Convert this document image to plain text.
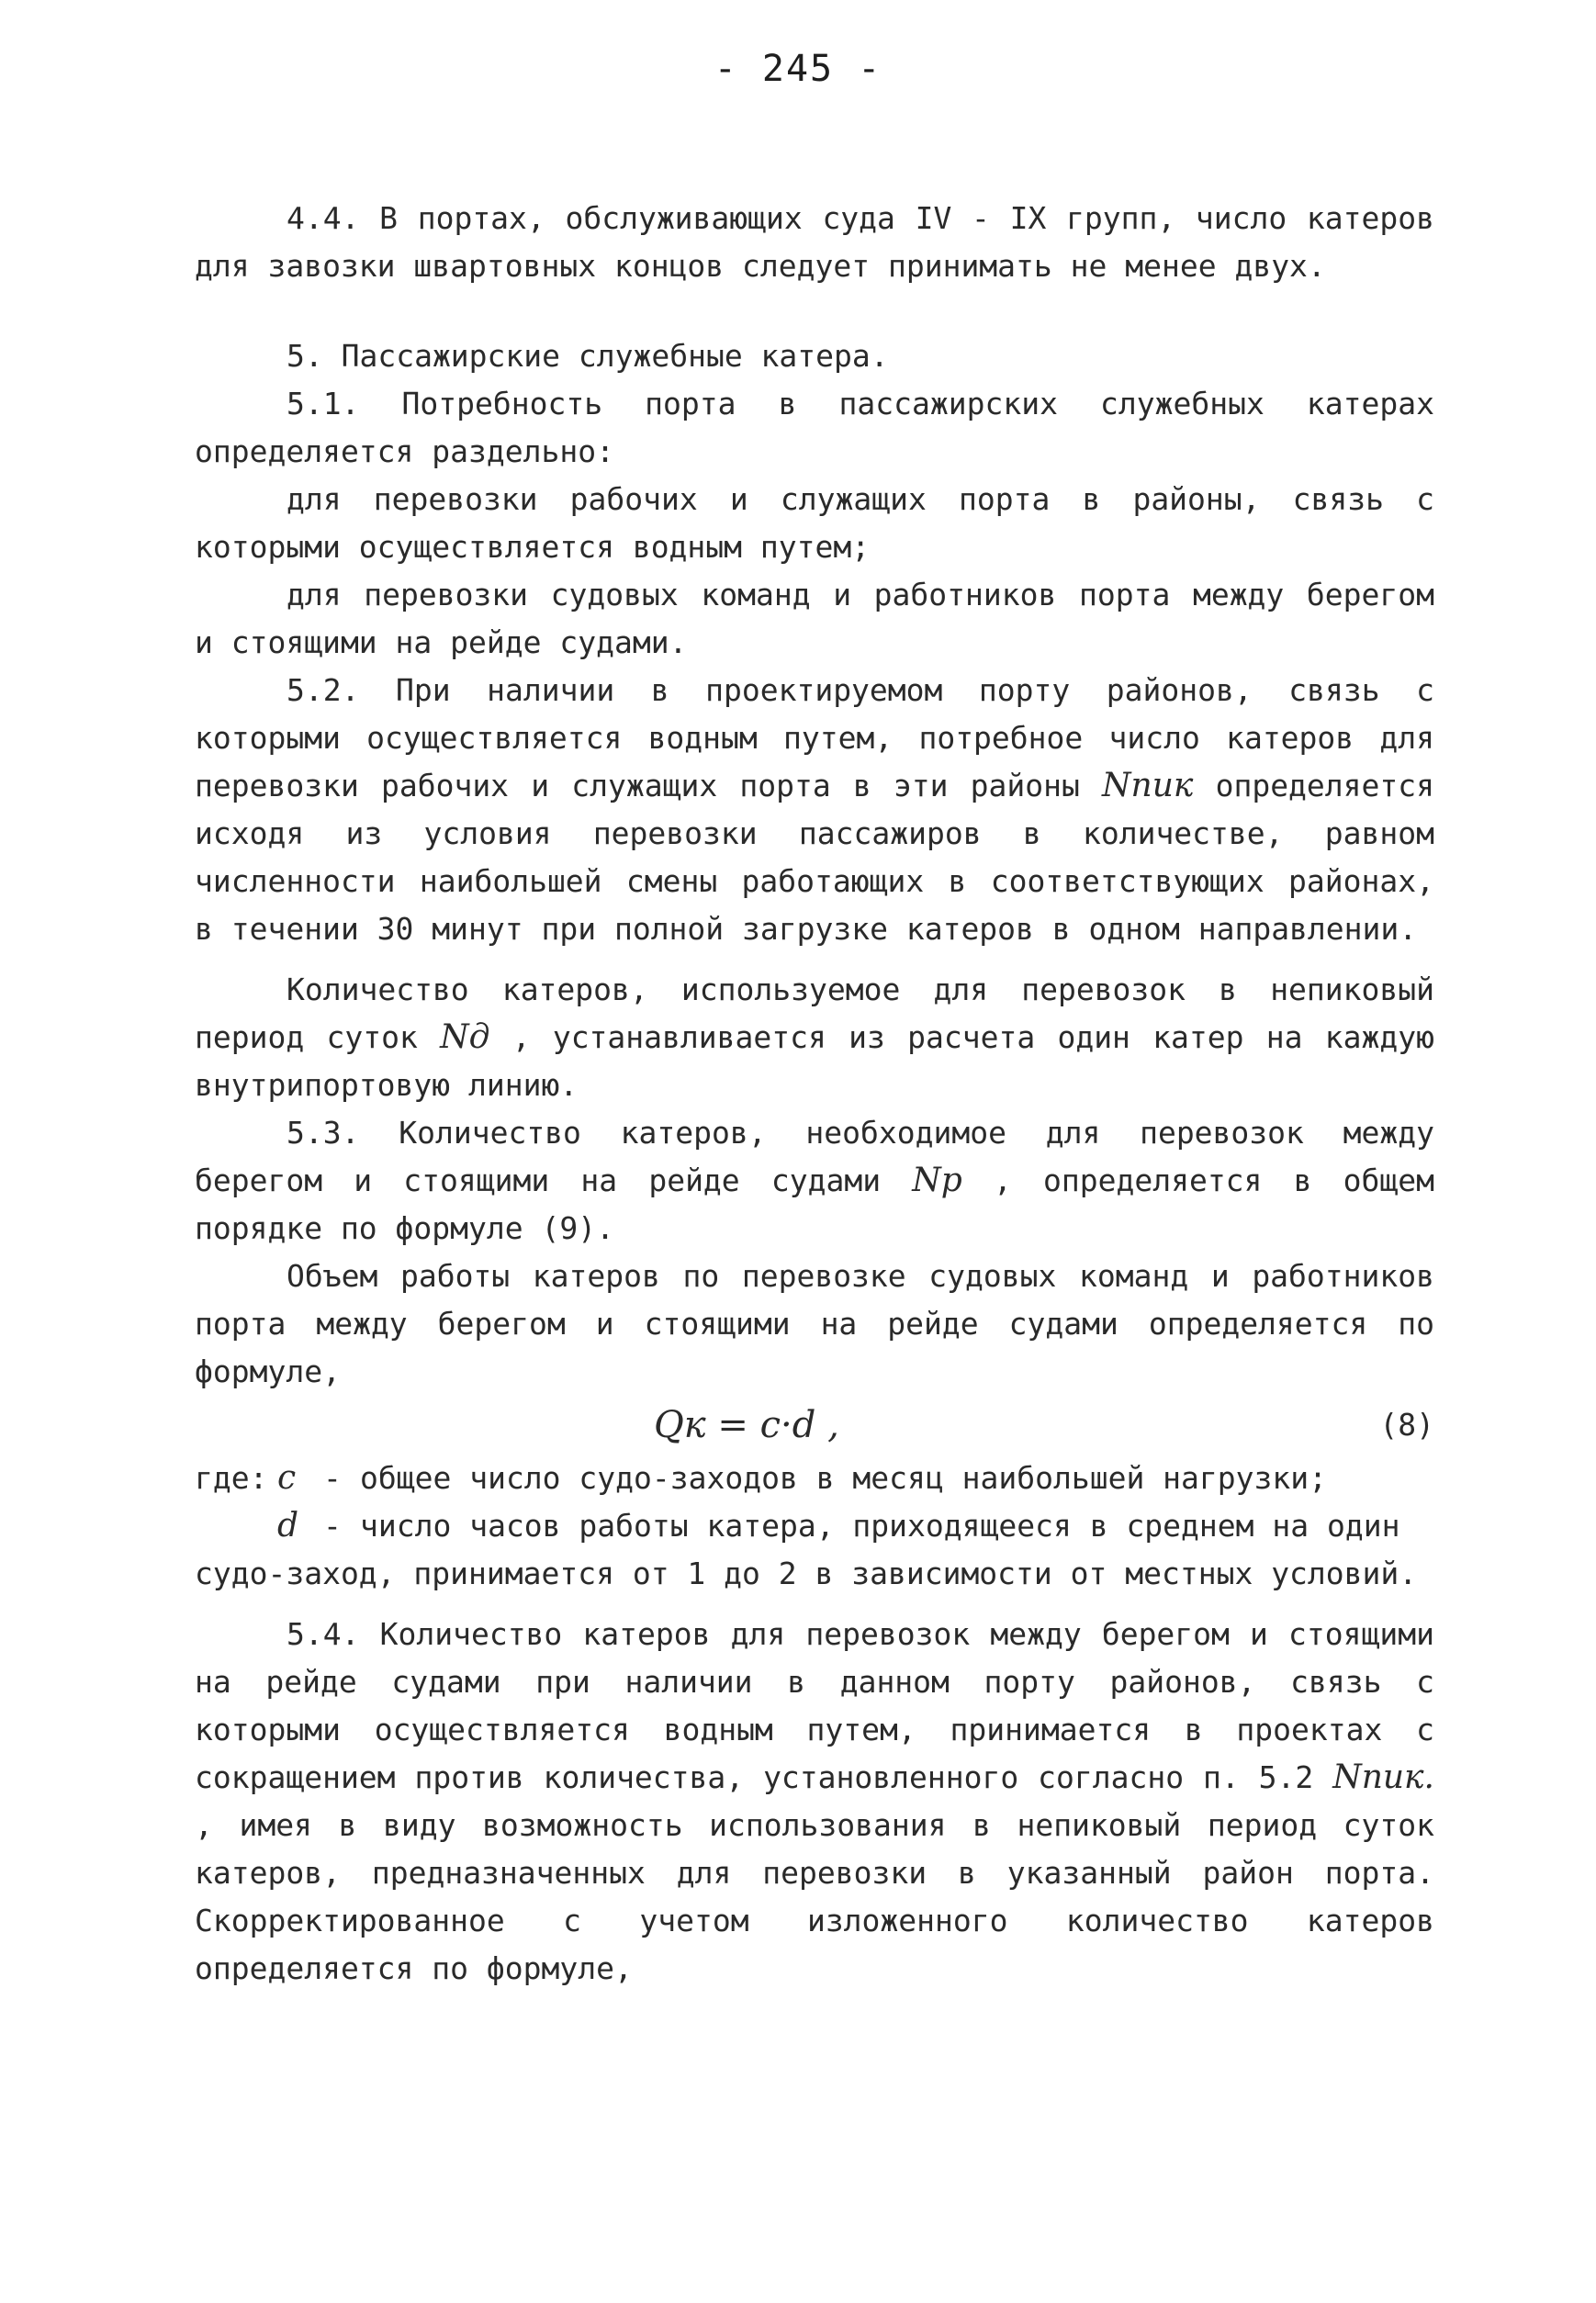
- 245 -

4.4. В портах, обслуживающих суда IV - IX групп, число катеров для завозки швартовных концов следует принимать не менее двух.

5. Пассажирские служебные катера.

5.1. Потребность порта в пассажирских служебных катерах определяется раздельно:

для перевозки рабочих и служащих порта в районы, связь с которыми осуществляется водным путем;

для перевозки судовых команд и работников порта между берегом и стоящими на рейде судами.

5.2. При наличии в проектируемом порту районов, связь с которыми осуществляется водным путем, потребное число катеров для перевозки рабочих и служащих порта в эти районы Nпик определяется исходя из условия перевозки пассажиров в количестве, равном численности наибольшей смены работающих в соответствующих районах, в течении 30 минут при полной загрузке катеров в одном направлении.

Количество катеров, используемое для перевозок в непиковый период суток Nд , устанавливается из расчета один катер на каждую внутрипортовую линию.

5.3. Количество катеров, необходимое для перевозок между берегом и стоящими на рейде судами Nр , определяется в общем порядке по формуле (9).

Объем работы катеров по перевозке судовых команд и работников порта между берегом и стоящими на рейде судами определяется по формуле,

Qк = c·d ,	(8)
где: c - общее число судо-заходов в месяц наибольшей нагрузки;
d - число часов работы катера, приходящееся в среднем на один судо-заход, принимается от 1 до 2 в зависимости от местных условий.

5.4. Количество катеров для перевозок между берегом и стоящими на рейде судами при наличии в данном порту районов, связь с которыми осуществляется водным путем, принимается в проектах с сокращением против количества, установленного согласно п. 5.2 Nпик. , имея в виду возможность использования в непиковый период суток катеров, предназначенных для перевозки в указанный район порта. Скорректированное с учетом изложенного количество катеров определяется по формуле,
